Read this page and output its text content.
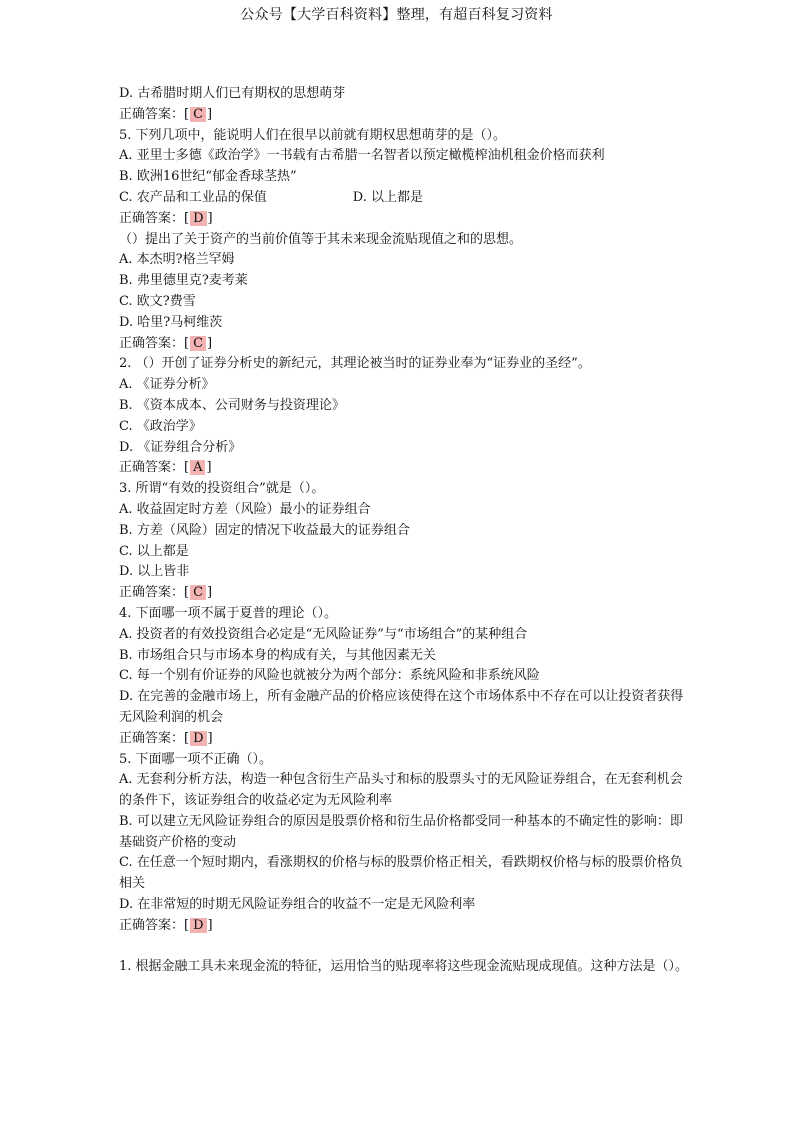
公众号【大学百科资料】整理，有超百科复习资料
D. 古希腊时期人们已有期权的思想萌芽
正确答案：[ C ]
5. 下列几项中，能说明人们在很早以前就有期权思想萌芽的是（）。
A. 亚里士多德《政治学》一书载有古希腊一名智者以预定橄榄榨油机租金价格而获利
B. 欧洲16世纪“郁金香球茎热”
C. 农产品和工业品的保值	D. 以上都是
正确答案：[ D ]
（）提出了关于资产的当前价值等于其未来现金流贴现值之和的思想。
A. 本杰明?格兰罕姆
B. 弗里德里克?麦考莱
C. 欧文?费雪
D. 哈里?马柯维茨
正确答案：[ C ]
2. （）开创了证券分析史的新纪元，其理论被当时的证券业奉为“证券业的圣经”。
A. 《证券分析》
B. 《资本成本、公司财务与投资理论》
C. 《政治学》
D. 《证券组合分析》
正确答案：[ A ]
3. 所谓“有效的投资组合”就是（）。
A. 收益固定时方差（风险）最小的证券组合
B. 方差（风险）固定的情况下收益最大的证券组合
C. 以上都是
D. 以上皆非
正确答案：[ C ]
4. 下面哪一项不属于夏普的理论（）。
A. 投资者的有效投资组合必定是“无风险证券”与“市场组合”的某种组合
B. 市场组合只与市场本身的构成有关，与其他因素无关
C. 每一个别有价证券的风险也就被分为两个部分：系统风险和非系统风险
D. 在完善的金融市场上，所有金融产品的价格应该使得在这个市场体系中不存在可以让投资者获得无风险利润的机会
正确答案：[ D ]
5. 下面哪一项不正确（）。
A. 无套利分析方法，构造一种包含衍生产品头寸和标的股票头寸的无风险证券组合，在无套利机会的条件下，该证券组合的收益必定为无风险利率
B. 可以建立无风险证券组合的原因是股票价格和衍生品价格都受同一种基本的不确定性的影响：即基础资产价格的变动
C. 在任意一个短时期内，看涨期权的价格与标的股票价格正相关，看跌期权价格与标的股票价格负相关
D. 在非常短的时期无风险证券组合的收益不一定是无风险利率
正确答案：[ D ]
1. 根据金融工具未来现金流的特征，运用恰当的贴现率将这些现金流贴现成现值。这种方法是（）。
